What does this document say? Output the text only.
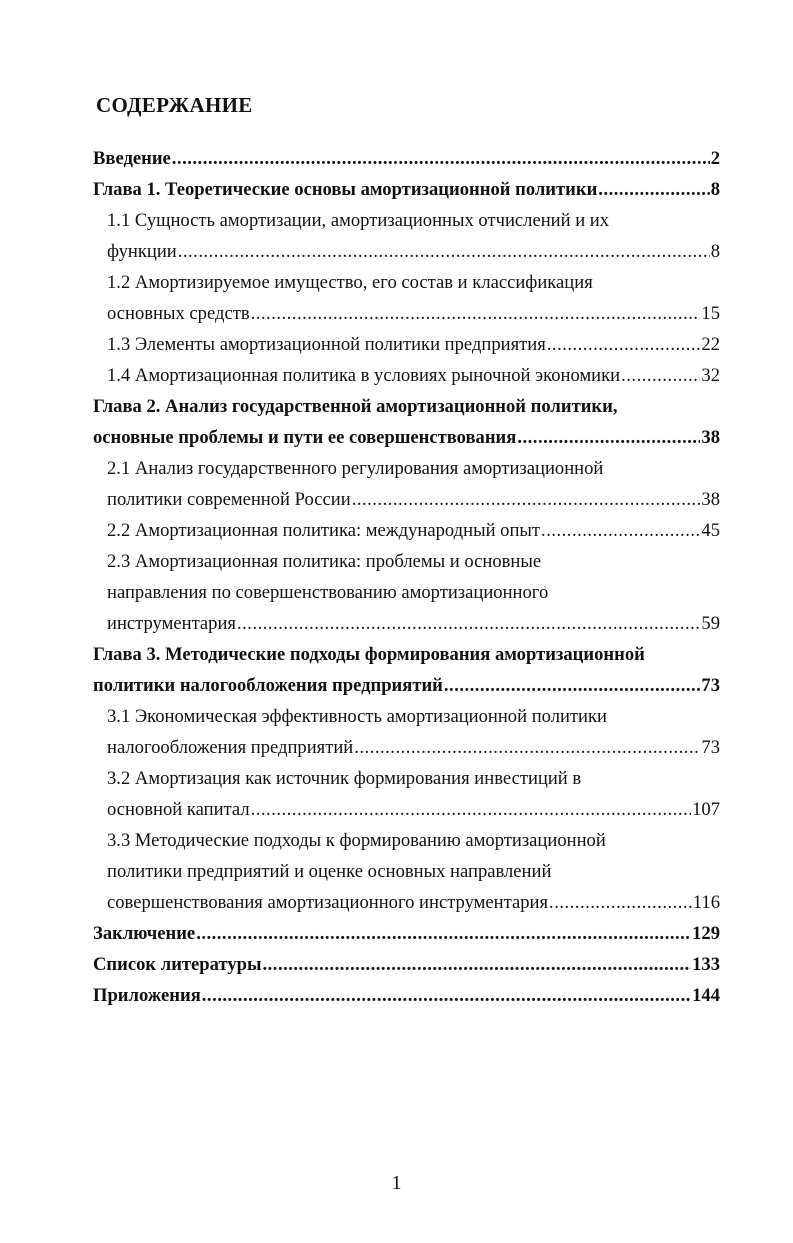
СОДЕРЖАНИЕ
Введение .....	2
Глава 1. Теоретические основы амортизационной политики .....	8
1.1 Сущность амортизации, амортизационных отчислений и их
функции .....	8
1.2 Амортизируемое имущество, его состав и классификация
основных средств .....	15
1.3 Элементы амортизационной политики предприятия .....	22
1.4 Амортизационная политика в условиях рыночной экономики .....	32
Глава 2. Анализ государственной амортизационной политики,
основные проблемы и пути ее совершенствования .....	38
2.1 Анализ государственного регулирования амортизационной
политики современной России .....	38
2.2 Амортизационная политика: международный опыт .....	45
2.3 Амортизационная политика: проблемы и основные
направления по совершенствованию амортизационного
инструментария .....	59
Глава 3. Методические подходы формирования амортизационной
политики налогообложения предприятий .....	73
3.1 Экономическая эффективность амортизационной политики
налогообложения предприятий .....	73
3.2 Амортизация как источник формирования инвестиций в
основной капитал .....	107
3.3 Методические подходы к формированию амортизационной
политики предприятий и оценке основных направлений
совершенствования амортизационного инструментария .....	116
Заключение .....	129
Список литературы .....	133
Приложения .....	144
1
